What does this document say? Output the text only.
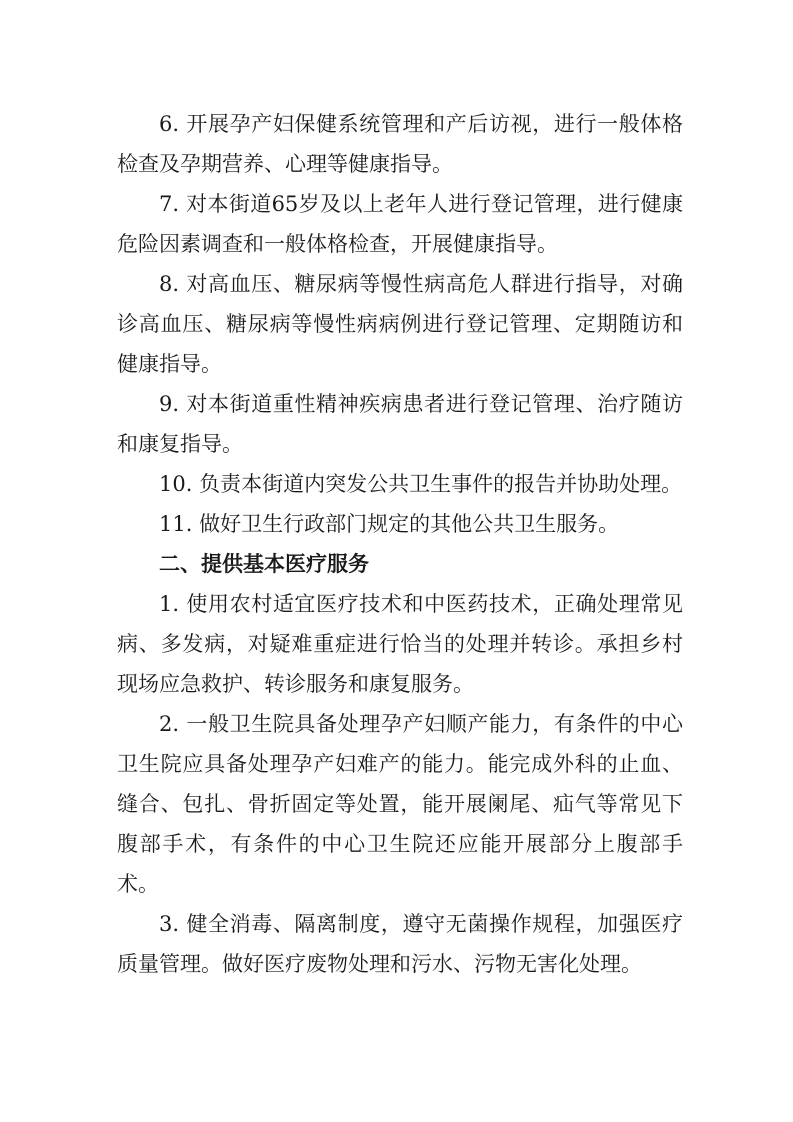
6. 开展孕产妇保健系统管理和产后访视，进行一般体格检查及孕期营养、心理等健康指导。

7. 对本街道65岁及以上老年人进行登记管理，进行健康危险因素调查和一般体格检查，开展健康指导。

8. 对高血压、糖尿病等慢性病高危人群进行指导，对确诊高血压、糖尿病等慢性病病例进行登记管理、定期随访和健康指导。

9. 对本街道重性精神疾病患者进行登记管理、治疗随访和康复指导。

10. 负责本街道内突发公共卫生事件的报告并协助处理。

11. 做好卫生行政部门规定的其他公共卫生服务。

二、提供基本医疗服务

1. 使用农村适宜医疗技术和中医药技术，正确处理常见病、多发病，对疑难重症进行恰当的处理并转诊。承担乡村现场应急救护、转诊服务和康复服务。

2. 一般卫生院具备处理孕产妇顺产能力，有条件的中心卫生院应具备处理孕产妇难产的能力。能完成外科的止血、缝合、包扎、骨折固定等处置，能开展阑尾、疝气等常见下腹部手术，有条件的中心卫生院还应能开展部分上腹部手术。

3. 健全消毒、隔离制度，遵守无菌操作规程，加强医疗质量管理。做好医疗废物处理和污水、污物无害化处理。
